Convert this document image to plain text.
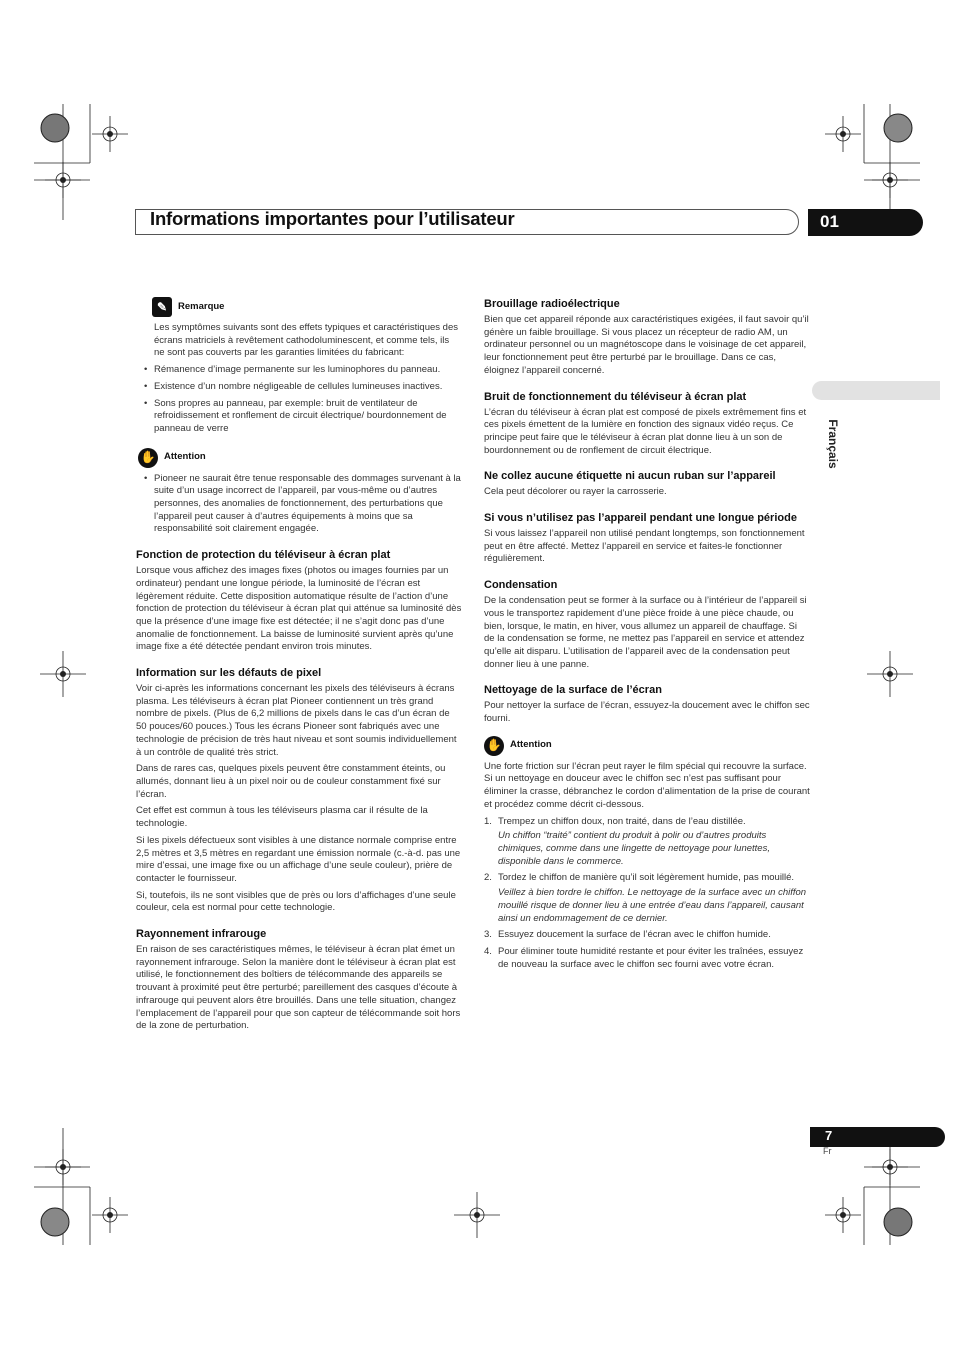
Informations importantes pour l’utilisateur	01
Français
✎	Remarque

Les symptômes suivants sont des effets typiques et caractéristiques des écrans matriciels à revêtement cathodoluminescent, et comme tels, ils ne sont pas couverts par les garanties limitées du fabricant:

• Rémanence d’image permanente sur les luminophores du panneau.
• Existence d’un nombre négligeable de cellules lumineuses inactives.
• Sons propres au panneau, par exemple: bruit de ventilateur de refroidissement et ronflement de circuit électrique/ bourdonnement de panneau de verre
✋ Attention
• Pioneer ne saurait être tenue responsable des dommages survenant à la suite d’un usage incorrect de l’appareil, par vous-même ou d’autres personnes, des anomalies de fonctionnement, des perturbations que l’appareil peut causer à d’autres équipements à moins que sa responsabilité soit clairement engagée.
Fonction de protection du téléviseur à écran plat

Lorsque vous affichez des images fixes (photos ou images fournies par un ordinateur) pendant une longue période, la luminosité de l’écran est légèrement réduite. Cette disposition automatique résulte de l’action d’une fonction de protection du téléviseur à écran plat qui atténue sa luminosité dès que la présence d’une image fixe est détectée; il ne s’agit donc pas d’une anomalie de fonctionnement. La baisse de luminosité survient après qu’une image fixe a été détectée pendant environ trois minutes.

Information sur les défauts de pixel

Voir ci-après les informations concernant les pixels des téléviseurs à écrans plasma. Les téléviseurs à écran plat Pioneer contiennent un très grand nombre de pixels. (Plus de 6,2 millions de pixels dans le cas d’un écran de 50 pouces/60 pouces.) Tous les écrans Pioneer sont fabriqués avec une technologie de précision de très haut niveau et sont soumis individuellement à un contrôle de qualité très strict.

Dans de rares cas, quelques pixels peuvent être constamment éteints, ou allumés, donnant lieu à un pixel noir ou de couleur constamment fixé sur l’écran.

Cet effet est commun à tous les téléviseurs plasma car il résulte de la technologie.

Si les pixels défectueux sont visibles à une distance normale comprise entre 2,5 mètres et 3,5 mètres en regardant une émission normale (c.-à-d. pas une mire d’essai, une image fixe ou un affichage d’une seule couleur), prière de contacter le fournisseur.

Si, toutefois, ils ne sont visibles que de près ou lors d’affichages d’une seule couleur, cela est normal pour cette technologie.

Rayonnement infrarouge

En raison de ses caractéristiques mêmes, le téléviseur à écran plat émet un rayonnement infrarouge. Selon la manière dont le téléviseur à écran plat est utilisé, le fonctionnement des boîtiers de télécommande des appareils se trouvant à proximité peut être perturbé; pareillement des casques d’écoute à infrarouge qui peuvent alors être brouillés. Dans une telle situation, changez l’emplacement de l’appareil pour que son capteur de télécommande soit hors de la zone de perturbation.

Brouillage radioélectrique

Bien que cet appareil réponde aux caractéristiques exigées, il faut savoir qu’il génère un faible brouillage. Si vous placez un récepteur de radio AM, un ordinateur personnel ou un magnétoscope dans le voisinage de cet appareil, leur fonctionnement peut être perturbé par le brouillage. Dans ce cas, éloignez l’appareil concerné.

Bruit de fonctionnement du téléviseur à écran plat

L’écran du téléviseur à écran plat est composé de pixels extrêmement fins et ces pixels émettent de la lumière en fonction des signaux vidéo reçus. Ce principe peut faire que le téléviseur à écran plat donne lieu à un son de bourdonnement ou de ronflement de circuit électrique.

Ne collez aucune étiquette ni aucun ruban sur l’appareil

Cela peut décolorer ou rayer la carrosserie.

Si vous n’utilisez pas l’appareil pendant une longue période

Si vous laissez l’appareil non utilisé pendant longtemps, son fonctionnement peut en être affecté. Mettez l’appareil en service et faites-le fonctionner régulièrement.

Condensation

De la condensation peut se former à la surface ou à l’intérieur de l’appareil si vous le transportez rapidement d’une pièce froide à une pièce chaude, ou bien, lorsque, le matin, en hiver, vous allumez un appareil de chauffage. Si de la condensation se forme, ne mettez pas l’appareil en service et attendez qu’elle ait disparu. L’utilisation de l’appareil avec de la condensation peut donner lieu à une panne.

Nettoyage de la surface de l’écran

Pour nettoyer la surface de l’écran, essuyez-la doucement avec le chiffon sec fourni.

✋ Attention

Une forte friction sur l’écran peut rayer le film spécial qui recouvre la surface. Si un nettoyage en douceur avec le chiffon sec n’est pas suffisant pour éliminer la crasse, débranchez le cordon d’alimentation de la prise de courant et procédez comme décrit ci-dessous.

1. Trempez un chiffon doux, non traité, dans de l’eau distillée.
Un chiffon “traité” contient du produit à polir ou d’autres produits chimiques, comme dans une lingette de nettoyage pour lunettes, disponible dans le commerce.
2. Tordez le chiffon de manière qu’il soit légèrement humide, pas mouillé.
Veillez à bien tordre le chiffon. Le nettoyage de la surface avec un chiffon mouillé risque de donner lieu à une entrée d’eau dans l’appareil, causant ainsi un endommagement de ce dernier.
3. Essuyez doucement la surface de l’écran avec le chiffon humide.
4. Pour éliminer toute humidité restante et pour éviter les traînées, essuyez de nouveau la surface avec le chiffon sec fourni avec votre écran.
7
Fr
